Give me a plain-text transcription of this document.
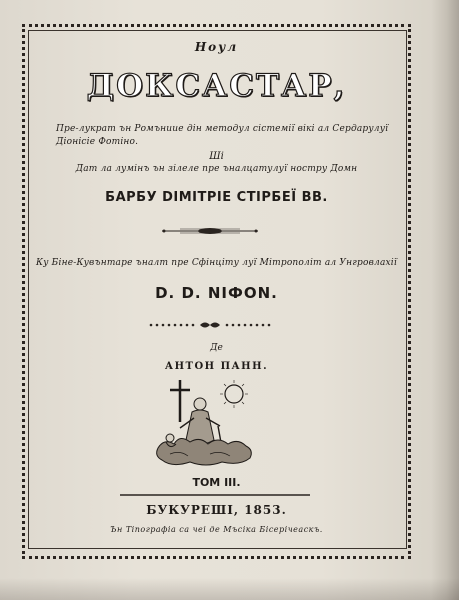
Ноул
ДОКСАСТАР,
Пре-лукрат ън Ромъниие дін методул сістемії вікі ал Сердарулуї
Діонісіе Фотіно.
Ші
Дат ла лумінъ ън зілеле пре ъналцатулуї ностру Домн
БАРБУ DІМІТРІЕ СТІРБЕЇ ВВ.
Ку Біне-Кувънтаре ъналт пре Сфінціту луї Мітрополіт ал Унгровлахії
D. D. NІФОN.
Де
АНТОН ПАНН.
ТОМ III.
БУКУРЕШІ, 1853.
Ън Тіпографіа са чеі де Мъсіка Бісерічеаскъ.
